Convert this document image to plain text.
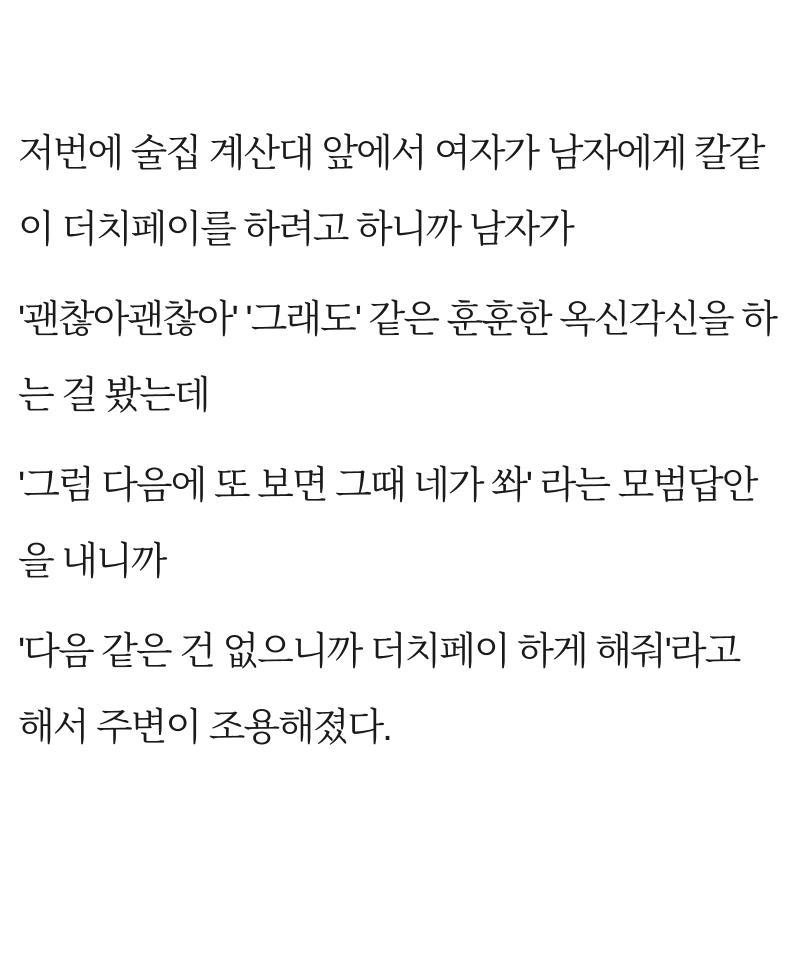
저번에 술집 계산대 앞에서 여자가 남자에게 칼같이 더치페이를 하려고 하니까 남자가

'괜찮아괜찮아' '그래도' 같은 훈훈한 옥신각신을 하는 걸 봤는데

'그럼 다음에 또 보면 그때 네가 쏴' 라는 모범답안을 내니까

'다음 같은 건 없으니까 더치페이 하게 해줘'라고 해서 주변이 조용해졌다.
